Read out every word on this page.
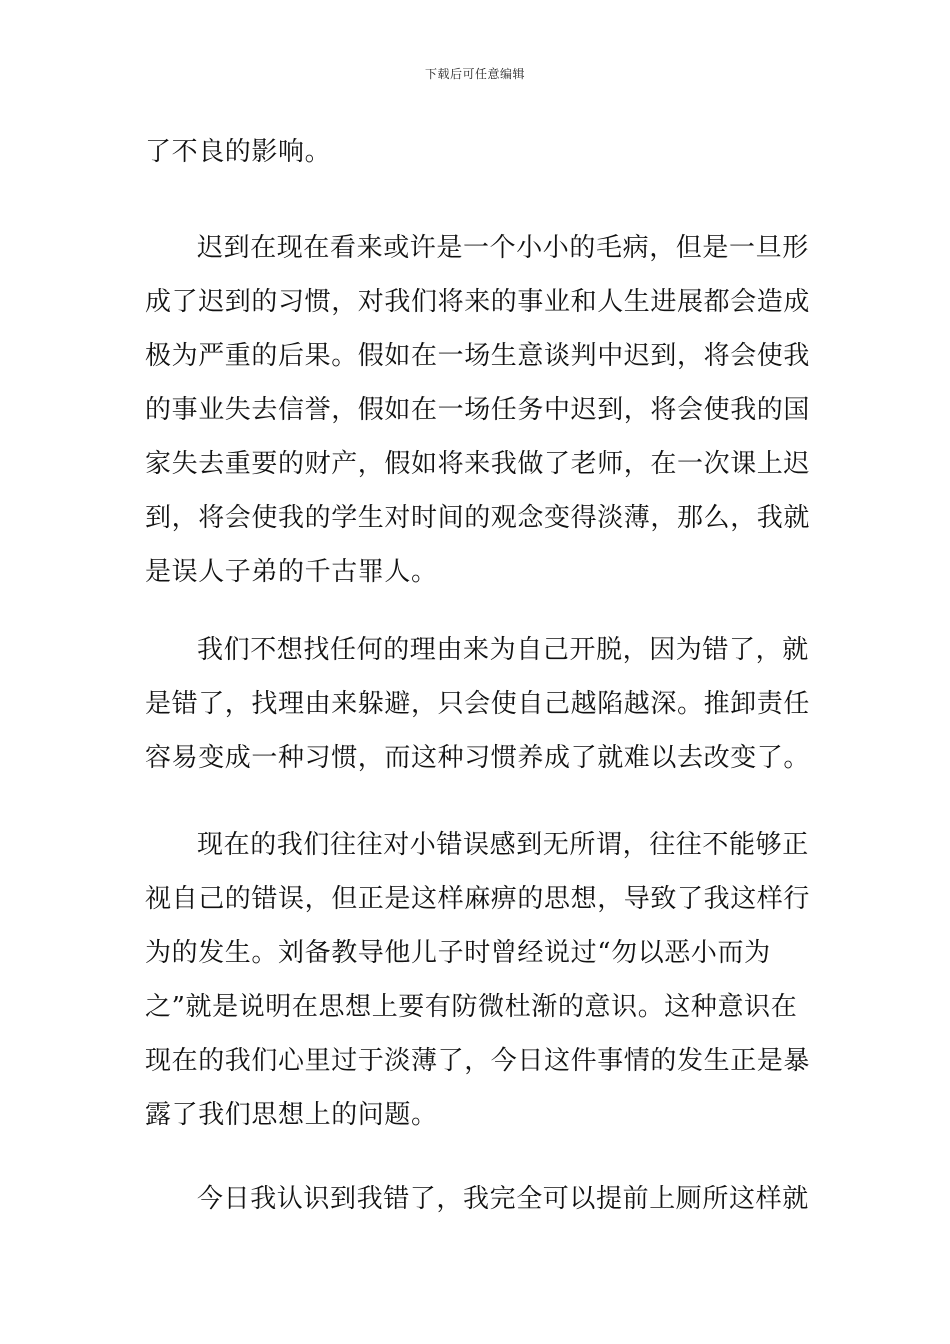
下载后可任意编辑
了不良的影响。
迟到在现在看来或许是一个小小的毛病，但是一旦形
成了迟到的习惯，对我们将来的事业和人生进展都会造成
极为严重的后果。假如在一场生意谈判中迟到，将会使我
的事业失去信誉，假如在一场任务中迟到，将会使我的国
家失去重要的财产，假如将来我做了老师，在一次课上迟
到，将会使我的学生对时间的观念变得淡薄，那么，我就
是误人子弟的千古罪人。
我们不想找任何的理由来为自己开脱，因为错了，就
是错了，找理由来躲避，只会使自己越陷越深。推卸责任
容易变成一种习惯，而这种习惯养成了就难以去改变了。
现在的我们往往对小错误感到无所谓，往往不能够正
视自己的错误，但正是这样麻痹的思想，导致了我这样行
为的发生。刘备教导他儿子时曾经说过“勿以恶小而为
之”就是说明在思想上要有防微杜渐的意识。这种意识在
现在的我们心里过于淡薄了，今日这件事情的发生正是暴
露了我们思想上的问题。
今日我认识到我错了，我完全可以提前上厕所这样就
